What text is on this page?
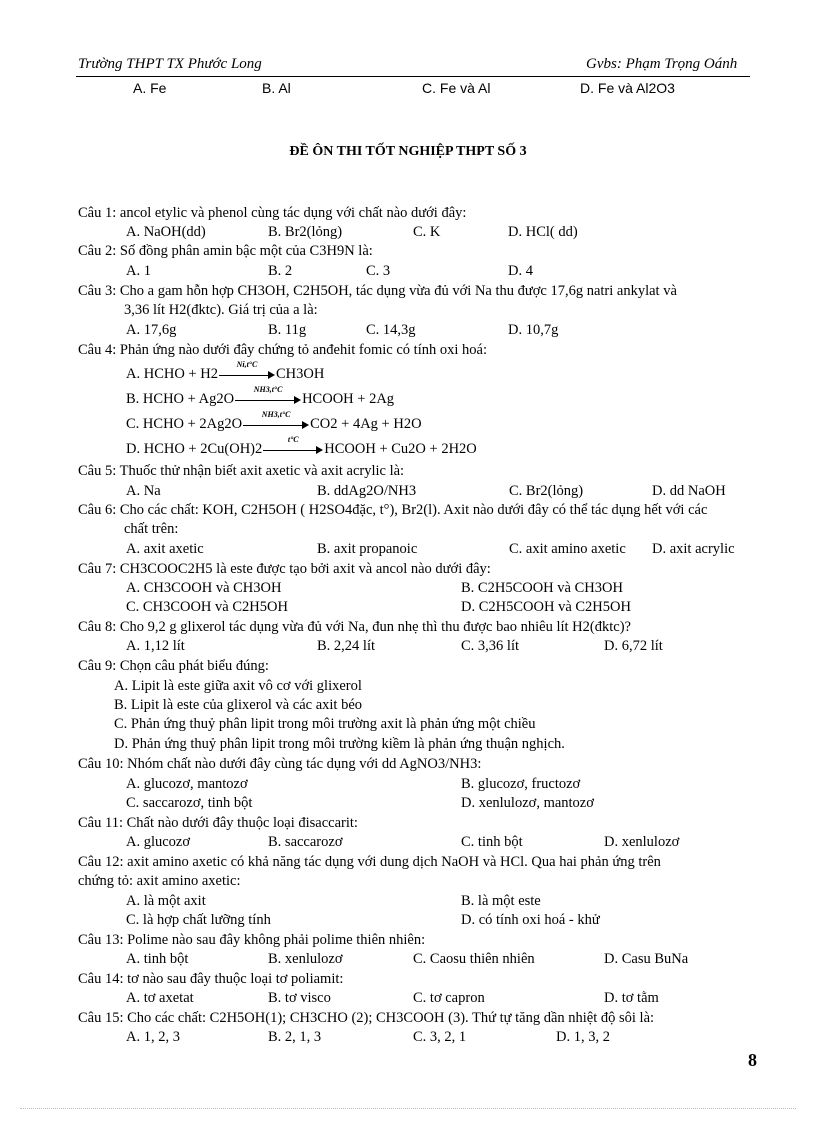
Trường THPT TX Phước Long	Gvbs: Phạm Trọng Oánh
A. Fe	B. Al	C. Fe và Al	D. Fe và Al2O3
ĐỀ ÔN THI TỐT NGHIỆP THPT SỐ 3
Câu 1: ancol etylic và phenol cùng tác dụng với chất nào dưới đây:
A. NaOH(dd)	B. Br2(lỏng)	C. K	D. HCl( dd)
Câu 2: Số đồng phân amin bậc một của C3H9N là:
A. 1	B. 2	C. 3	D. 4
Câu 3: Cho a gam hỗn hợp CH3OH, C2H5OH, tác dụng vừa đủ với Na thu được 17,6g natri ankylat và
3,36 lít H2(đktc). Giá trị của a là:
A. 17,6g	B. 11g	C. 14,3g	D. 10,7g
Câu 4: Phản ứng nào dưới đây chứng tỏ anđehit fomic có tính oxi hoá:
A. HCHO + H2
Ni,t°C
CH3OH
B. HCHO + Ag2O
NH3,t°C
HCOOH + 2Ag
C. HCHO + 2Ag2O
NH3,t°C
CO2 + 4Ag + H2O
D. HCHO + 2Cu(OH)2
t°C
HCOOH + Cu2O + 2H2O
Câu 5: Thuốc thử nhận biết axit axetic và axit acrylic là:
A. Na	B. ddAg2O/NH3	C. Br2(lỏng)	D. dd NaOH
Câu 6: Cho các chất: KOH, C2H5OH ( H2SO4đặc, t°), Br2(l). Axit nào dưới đây có thể tác dụng hết với các
chất trên:
A. axit axetic	B. axit propanoic	C. axit amino axetic D. axit acrylic
Câu 7: CH3COOC2H5 là este được tạo bởi axit và ancol nào dưới đây:
A. CH3COOH và CH3OH	B. C2H5COOH và CH3OH
C. CH3COOH và C2H5OH	D. C2H5COOH và C2H5OH
Câu 8: Cho 9,2 g glixerol tác dụng vừa đủ với Na, đun nhẹ thì thu được bao nhiêu lít H2(đktc)?
A. 1,12 lít	B. 2,24 lít	C. 3,36 lít	D. 6,72 lít
Câu 9: Chọn câu phát biểu đúng:
A. Lipit là este giữa axit vô cơ với glixerol
B. Lipit là este của glixerol và các axit béo
C. Phản ứng thuỷ phân lipit trong môi trường axit là phản ứng một chiều
D. Phản ứng thuỷ phân lipit trong môi trường kiềm là phản ứng thuận nghịch.
Câu 10: Nhóm chất nào dưới đây cùng tác dụng với dd AgNO3/NH3:
A. glucozơ, mantozơ	B. glucozơ, fructozơ
C. saccarozơ, tinh bột	D. xenlulozơ, mantozơ
Câu 11: Chất nào dưới đây thuộc loại đisaccarit:
A. glucozơ	B. saccarozơ	C. tinh bột	D. xenlulozơ
Câu 12: axit amino axetic có khả năng tác dụng với dung dịch NaOH và HCl. Qua hai phản ứng trên
chứng tỏ: axit amino axetic:
A. là một axit	B. là một este
C. là hợp chất lưỡng tính	D. có tính oxi hoá - khử
Câu 13: Polime nào sau đây không phải polime thiên nhiên:
A. tinh bột	B. xenlulozơ	C. Caosu thiên nhiên	D. Casu BuNa
Câu 14: tơ nào sau đây thuộc loại tơ poliamit:
A. tơ axetat	B. tơ visco	C. tơ capron	D. tơ tằm
Câu 15: Cho các chất: C2H5OH(1); CH3CHO (2); CH3COOH (3). Thứ tự tăng dần nhiệt độ sôi là:
A. 1, 2, 3	B. 2, 1, 3	C. 3, 2, 1	D. 1, 3, 2
8
